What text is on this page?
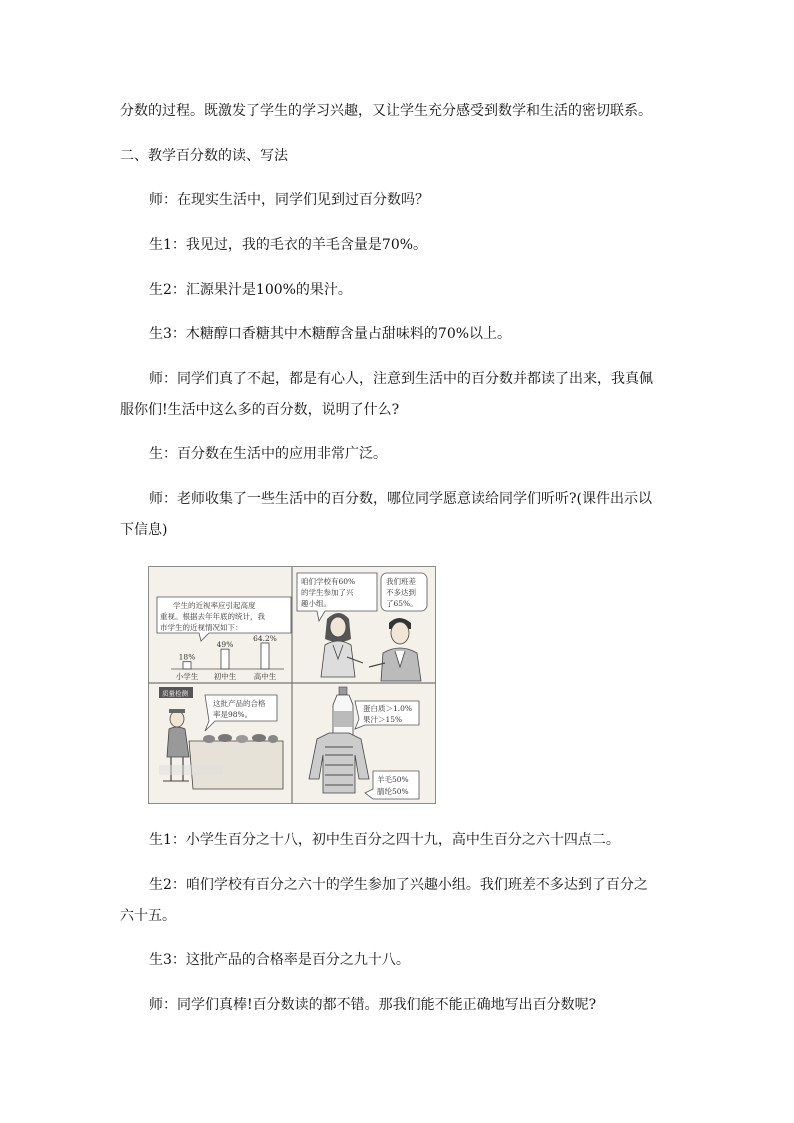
分数的过程。既激发了学生的学习兴趣，又让学生充分感受到数学和生活的密切联系。
二、教学百分数的读、写法
师：在现实生活中，同学们见到过百分数吗？
生1：我见过，我的毛衣的羊毛含量是70%。
生2：汇源果汁是100%的果汁。
生3：木糖醇口香糖其中木糖醇含量占甜味料的70%以上。
师：同学们真了不起，都是有心人，注意到生活中的百分数并都读了出来，我真佩
服你们!生活中这么多的百分数，说明了什么?
生：百分数在生活中的应用非常广泛。
师：老师收集了一些生活中的百分数，哪位同学愿意读给同学们听听?(课件出示以
下信息)
学生的近视率应引起高度
重视。根据去年年底的统计，我
市学生的近视情况如下：
18%
小学生
49%
初中生
64.2%
高中生
咱们学校有60%
的学生参加了兴
趣小组。
我们班差
不多达到
了65%。
质量检测
这批产品的合格
率是98%。
蛋白质＞1.0%
果汁＞15%
羊毛50%
腈纶50%
生1：小学生百分之十八，初中生百分之四十九，高中生百分之六十四点二。
生2：咱们学校有百分之六十的学生参加了兴趣小组。我们班差不多达到了百分之
六十五。
生3：这批产品的合格率是百分之九十八。
师：同学们真棒!百分数读的都不错。那我们能不能正确地写出百分数呢?
